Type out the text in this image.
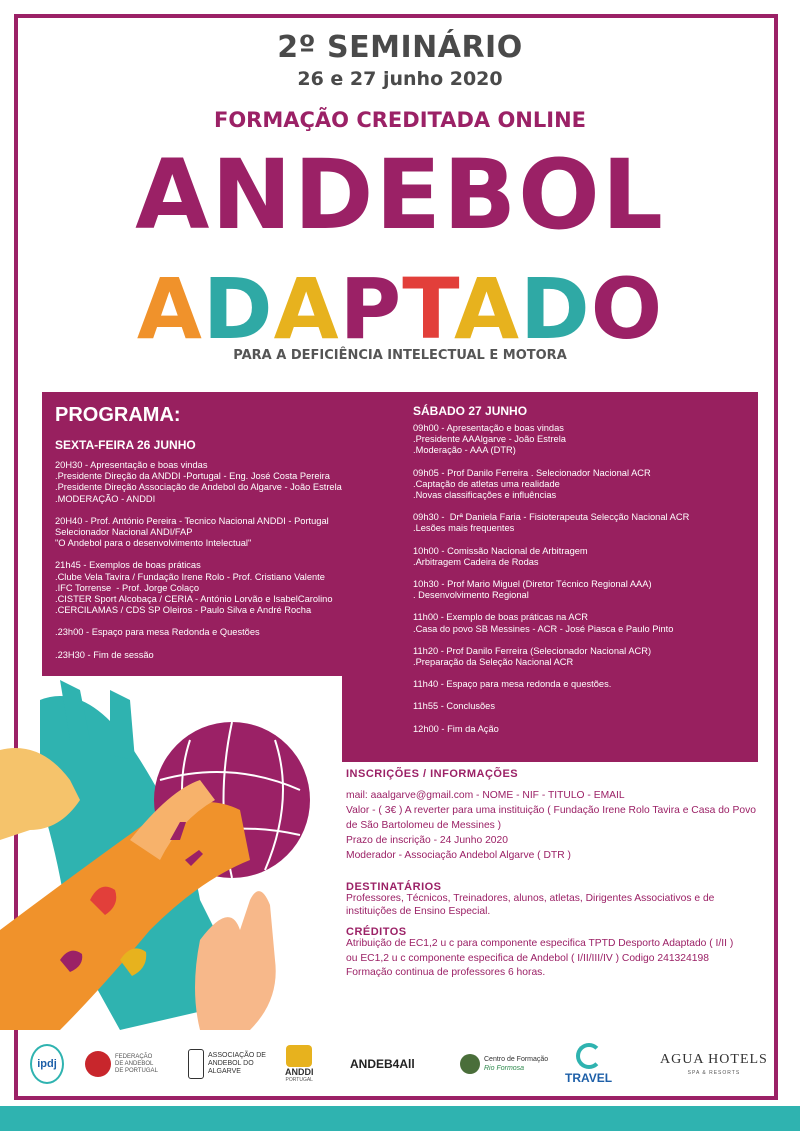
2º SEMINÁRIO
26 e 27 junho 2020
FORMAÇÃO CREDITADA ONLINE
ANDEBOL
ADAPTADO
PARA A DEFICIÊNCIA INTELECTUAL E MOTORA
PROGRAMA:
SEXTA-FEIRA 26 JUNHO
20H30 - Apresentação e boas vindas
.Presidente Direção da ANDDI -Portugal - Eng. José Costa Pereira
.Presidente Direção Associação de Andebol do Algarve - João Estrela
.MODERAÇÃO - ANDDI
20H40 - Prof. António Pereira - Tecnico Nacional ANDDI - Portugal
Selecionador Nacional ANDI/FAP
"O Andebol para o desenvolvimento Intelectual"
21h45 - Exemplos de boas práticas
.Clube Vela Tavira / Fundação Irene Rolo - Prof. Cristiano Valente
.IFC Torrense  - Prof. Jorge Colaço
.CISTER Sport Alcobaça / CERIA - António Lorvão e IsabelCarolino
.CERCILAMAS / CDS SP Oleiros - Paulo Silva e André Rocha
.23h00 - Espaço para mesa Redonda e Questões
.23H30 - Fim de sessão
SÁBADO 27 JUNHO
09h00 - Apresentação e boas vindas
.Presidente AAAlgarve - João Estrela
.Moderação - AAA (DTR)
09h05 - Prof Danilo Ferreira . Selecionador Nacional ACR
.Captação de atletas uma realidade
.Novas classificações e influências
09h30 -  Drª Daniela Faria - Fisioterapeuta Selecção Nacional ACR
.Lesões mais frequentes
10h00 - Comissão Nacional de Arbitragem
.Arbitragem Cadeira de Rodas
10h30 - Prof Mario Miguel (Diretor Técnico Regional AAA)
. Desenvolvimento Regional
11h00 - Exemplo de boas práticas na ACR
.Casa do povo SB Messines - ACR - José Piasca e Paulo Pinto
11h20 - Prof Danilo Ferreira (Selecionador Nacional ACR)
.Preparação da Seleção Nacional ACR
11h40 - Espaço para mesa redonda e questões.
11h55 - Conclusões
12h00 - Fim da Ação
INSCRIÇÕES / INFORMAÇÕES
mail: aaalgarve@gmail.com - NOME - NIF - TITULO - EMAIL
Valor - ( 3€ ) A reverter para uma instituição ( Fundação Irene Rolo Tavira e Casa do Povo
de São Bartolomeu de Messines )
Prazo de inscrição - 24 Junho 2020
Moderador - Associação Andebol Algarve ( DTR )
DESTINATÁRIOS
Professores, Técnicos, Treinadores, alunos, atletas, Dirigentes Associativos e de
instituições de Ensino Especial.
CRÉDITOS
Atribuição de EC1,2 u c para componente especifica TPTD Desporto Adaptado ( I/II )
ou EC1,2 u c componente especifica de Andebol ( I/II/III/IV ) Codigo 241324198
Formação continua de professores 6 horas.
ipdj
FEDERAÇÃO
DE ANDEBOL
DE PORTUGAL
ASSOCIAÇÃO DE
ANDEBOL DO
ALGARVE	ANDDI
PORTUGAL
ANDEB4All	Centro de Formação
Rio Formosa
TRAVEL
AGUA HOTELS
SPA & RESORTS
